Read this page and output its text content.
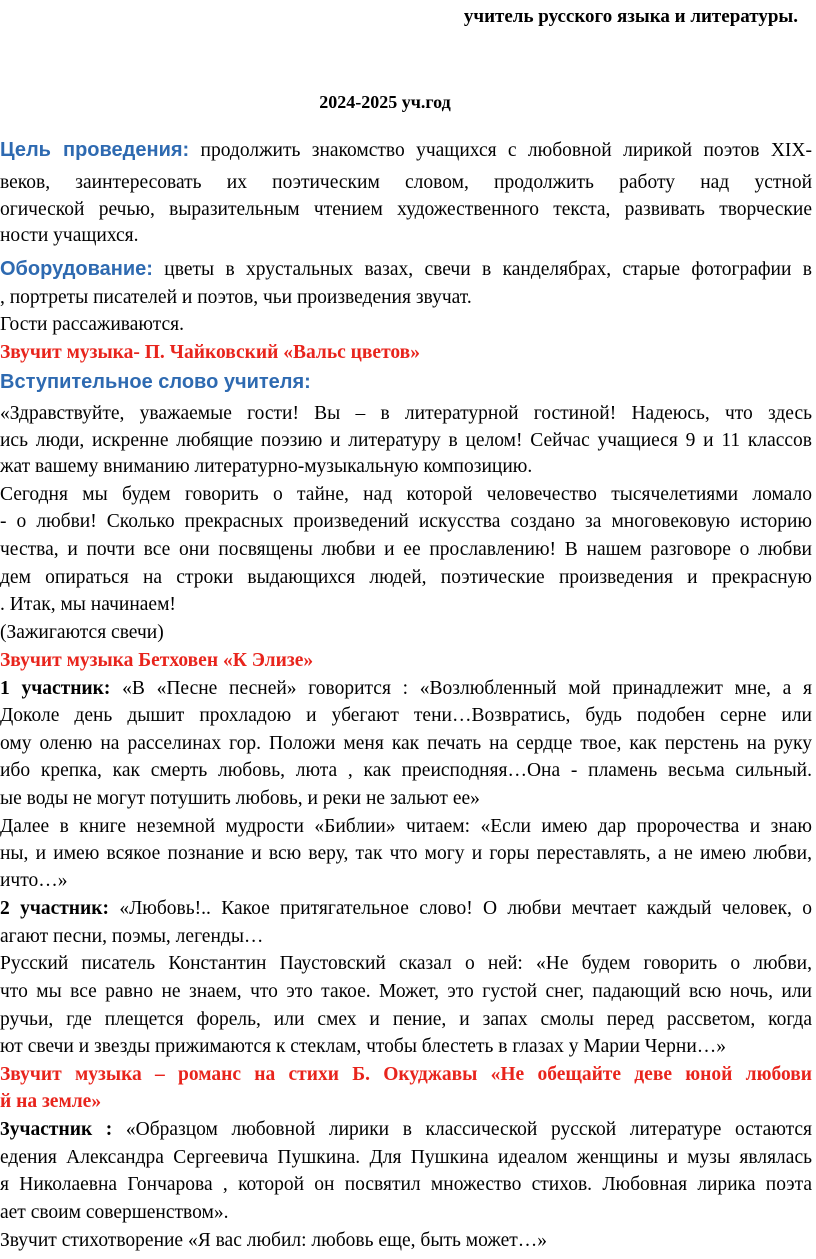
учитель русского языка и литературы.
2024-2025 уч.год
Цель проведения: продолжить знакомство учащихся с любовной лирикой поэтов XIX-
веков, заинтересовать их поэтическим словом, продолжить работу над устной
огической речью, выразительным чтением художественного текста, развивать творческие
ности учащихся.
Оборудование: цветы в хрустальных вазах, свечи в канделябрах, старые фотографии в
, портреты писателей и поэтов, чьи произведения звучат.
Гости рассаживаются.
Звучит музыка- П. Чайковский «Вальс цветов»
Вступительное слово учителя:
«Здравствуйте, уважаемые гости! Вы – в литературной гостиной! Надеюсь, что здесь
ись люди, искренне любящие поэзию и литературу в целом! Сейчас учащиеся 9 и 11 классов
жат вашему вниманию литературно-музыкальную композицию.
Сегодня мы будем говорить о тайне, над которой человечество тысячелетиями ломало
- о любви! Сколько прекрасных произведений искусства создано за многовековую историю
чества, и почти все они посвящены любви и ее прославлению! В нашем разговоре о любви
дем опираться на строки выдающихся людей, поэтические произведения и прекрасную
. Итак, мы начинаем!
(Зажигаются свечи)
Звучит музыка Бетховен «К Элизе»
1 участник: «В «Песне песней» говорится : «Возлюбленный мой принадлежит мне, а я
Доколе день дышит прохладою и убегают тени…Возвратись, будь подобен серне или
ому оленю на расселинах гор. Положи меня как печать на сердце твое, как перстень на руку
ибо крепка, как смерть любовь, люта , как преисподняя…Она - пламень весьма сильный.
ые воды не могут потушить любовь, и реки не зальют ее»
Далее в книге неземной мудрости «Библии» читаем: «Если имею дар пророчества и знаю
ны, и имею всякое познание и всю веру, так что могу и горы переставлять, а не имею любви,
ичто…»
2 участник: «Любовь!.. Какое притягательное слово! О любви мечтает каждый человек, о
агают песни, поэмы, легенды…
Русский писатель Константин Паустовский сказал о ней: «Не будем говорить о любви,
что мы все равно не знаем, что это такое. Может, это густой снег, падающий всю ночь, или
ручьи, где плещется форель, или смех и пение, и запах смолы перед рассветом, когда
ют свечи и звезды прижимаются к стеклам, чтобы блестеть в глазах у Марии Черни…»
Звучит музыка – романс на стихи Б. Окуджавы «Не обещайте деве юной любови
й на земле»
3участник : «Образцом любовной лирики в классической русской литературе остаются
едения Александра Сергеевича Пушкина. Для Пушкина идеалом женщины и музы являлась
я Николаевна Гончарова , которой он посвятил множество стихов. Любовная лирика поэта
ает своим совершенством».
Звучит стихотворение «Я вас любил: любовь еще, быть может…»
